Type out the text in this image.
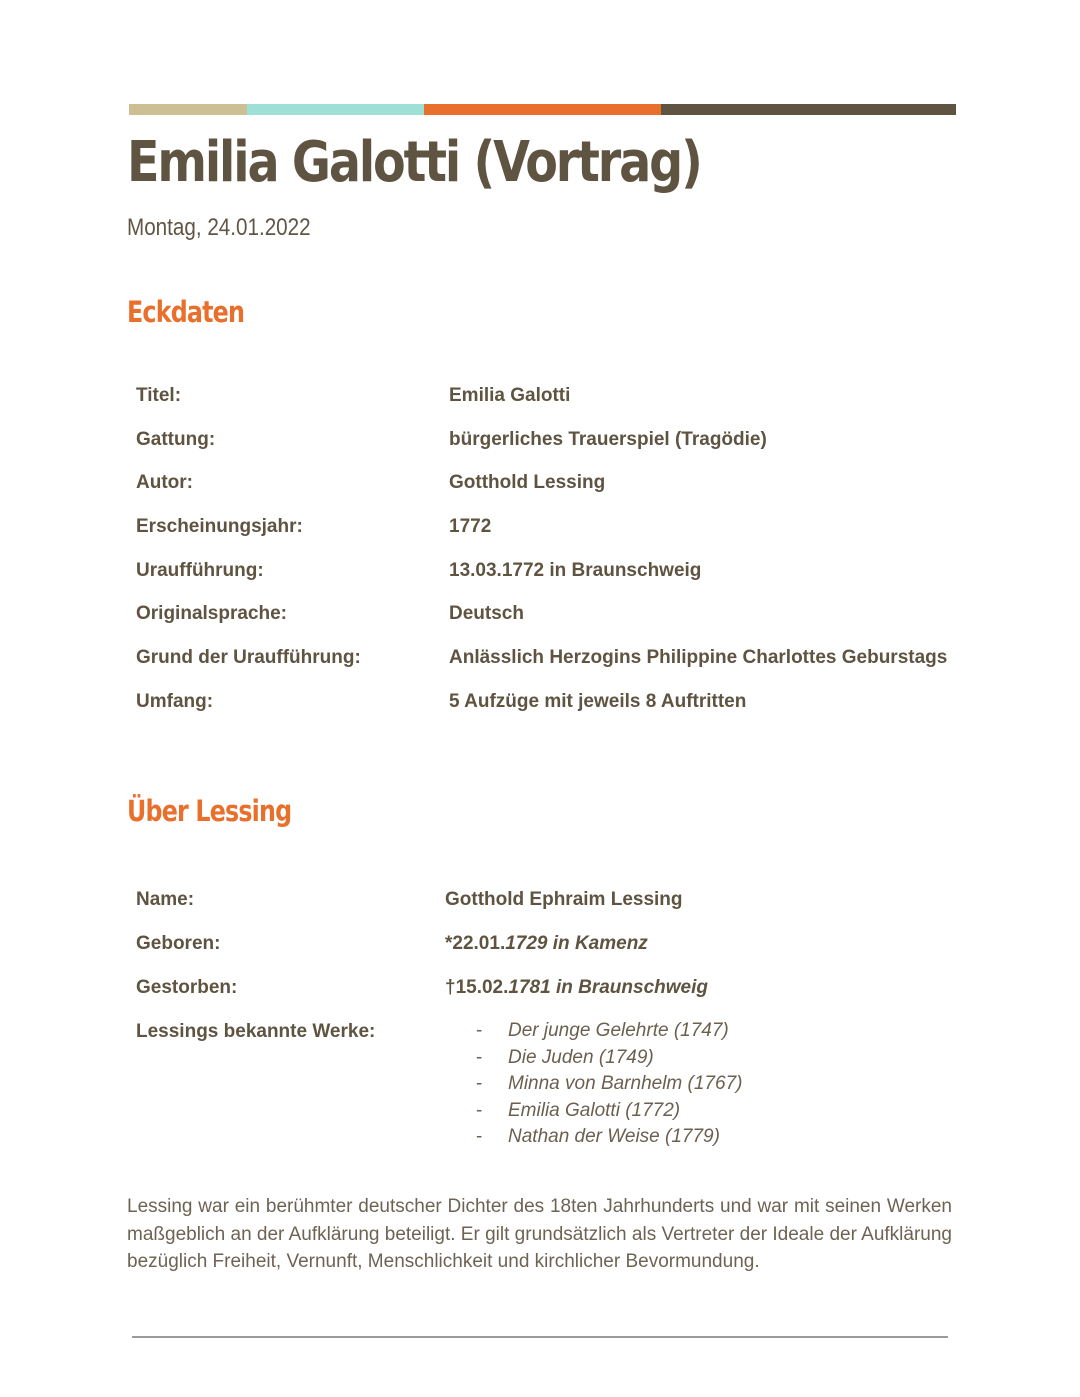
Emilia Galotti (Vortrag)
Montag, 24.01.2022
Eckdaten
Titel:	Emilia Galotti
Gattung:	bürgerliches Trauerspiel (Tragödie)
Autor:	Gotthold Lessing
Erscheinungsjahr:	1772
Uraufführung:	13.03.1772 in Braunschweig
Originalsprache:	Deutsch
Grund der Uraufführung:	Anlässlich Herzogins Philippine Charlottes Geburstags
Umfang:	5 Aufzüge mit jeweils 8 Auftritten
Über Lessing
Name:	Gotthold Ephraim Lessing
Geboren:	*22.01.1729 in Kamenz
Gestorben:	†15.02.1781 in Braunschweig
Lessings bekannte Werke:	- Der junge Gelehrte (1747)
- Die Juden (1749)
- Minna von Barnhelm (1767)
- Emilia Galotti (1772)
- Nathan der Weise (1779)

Lessing war ein berühmter deutscher Dichter des 18ten Jahrhunderts und war mit seinen Werken maßgeblich an der Aufklärung beteiligt. Er gilt grundsätzlich als Vertreter der Ideale der Aufklärung bezüglich Freiheit, Vernunft, Menschlichkeit und kirchlicher Bevormundung.
